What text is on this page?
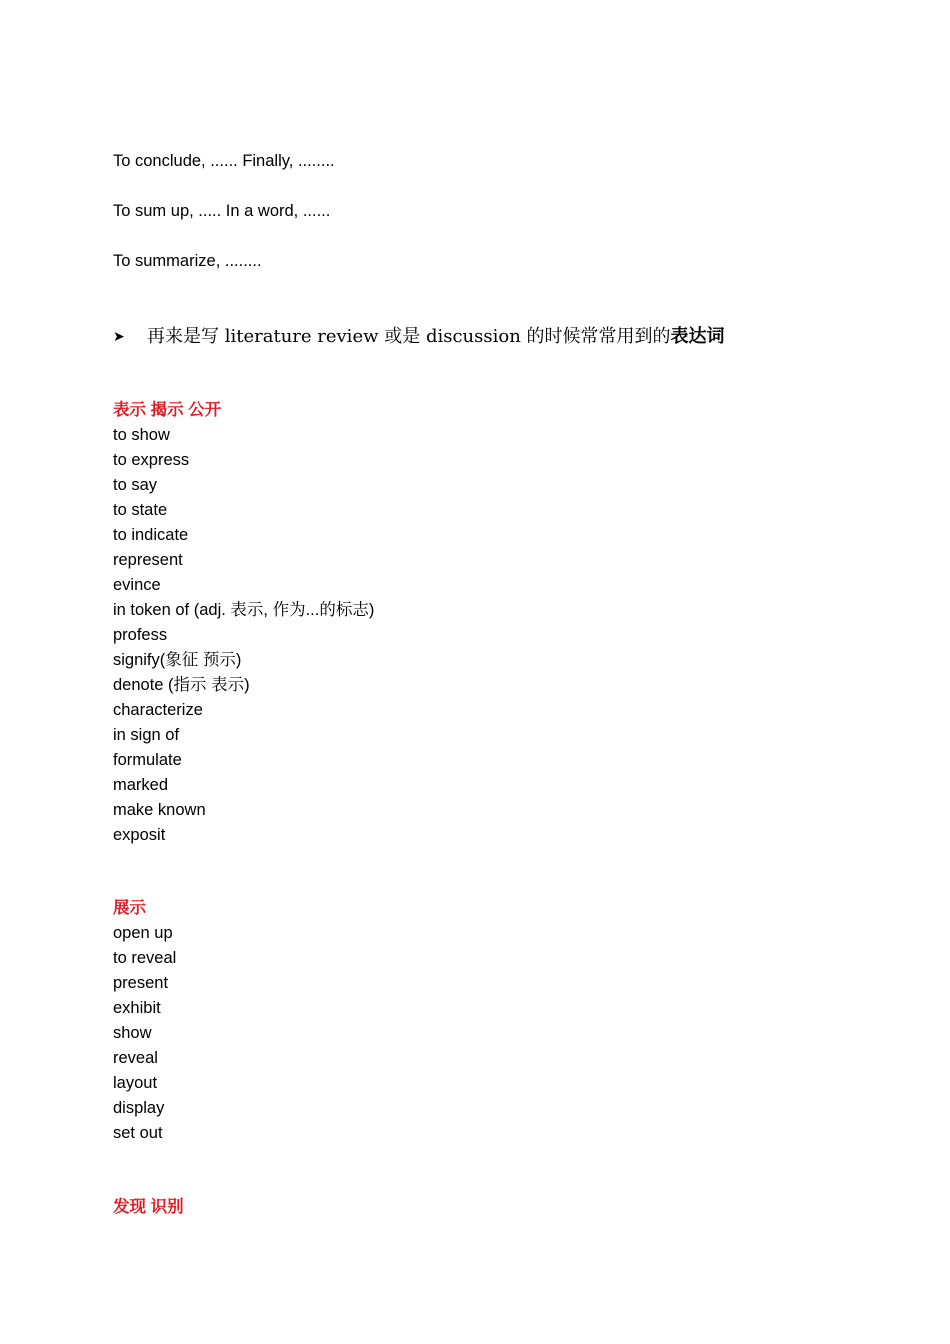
To conclude, ...... Finally, ........
To sum up, ..... In a word, ......
To summarize, ........
➤ 再来是写 literature review 或是 discussion 的时候常常用到的表达词
表示 揭示 公开
to show
to express
to say
to state
to indicate
represent
evince
in token of (adj. 表示, 作为...的标志)
profess
signify(象征 预示)
denote (指示 表示)
characterize
in sign of
formulate
marked
make known
exposit
展示
open up
to reveal
present
exhibit
show
reveal
layout
display
set out
发现 识别
